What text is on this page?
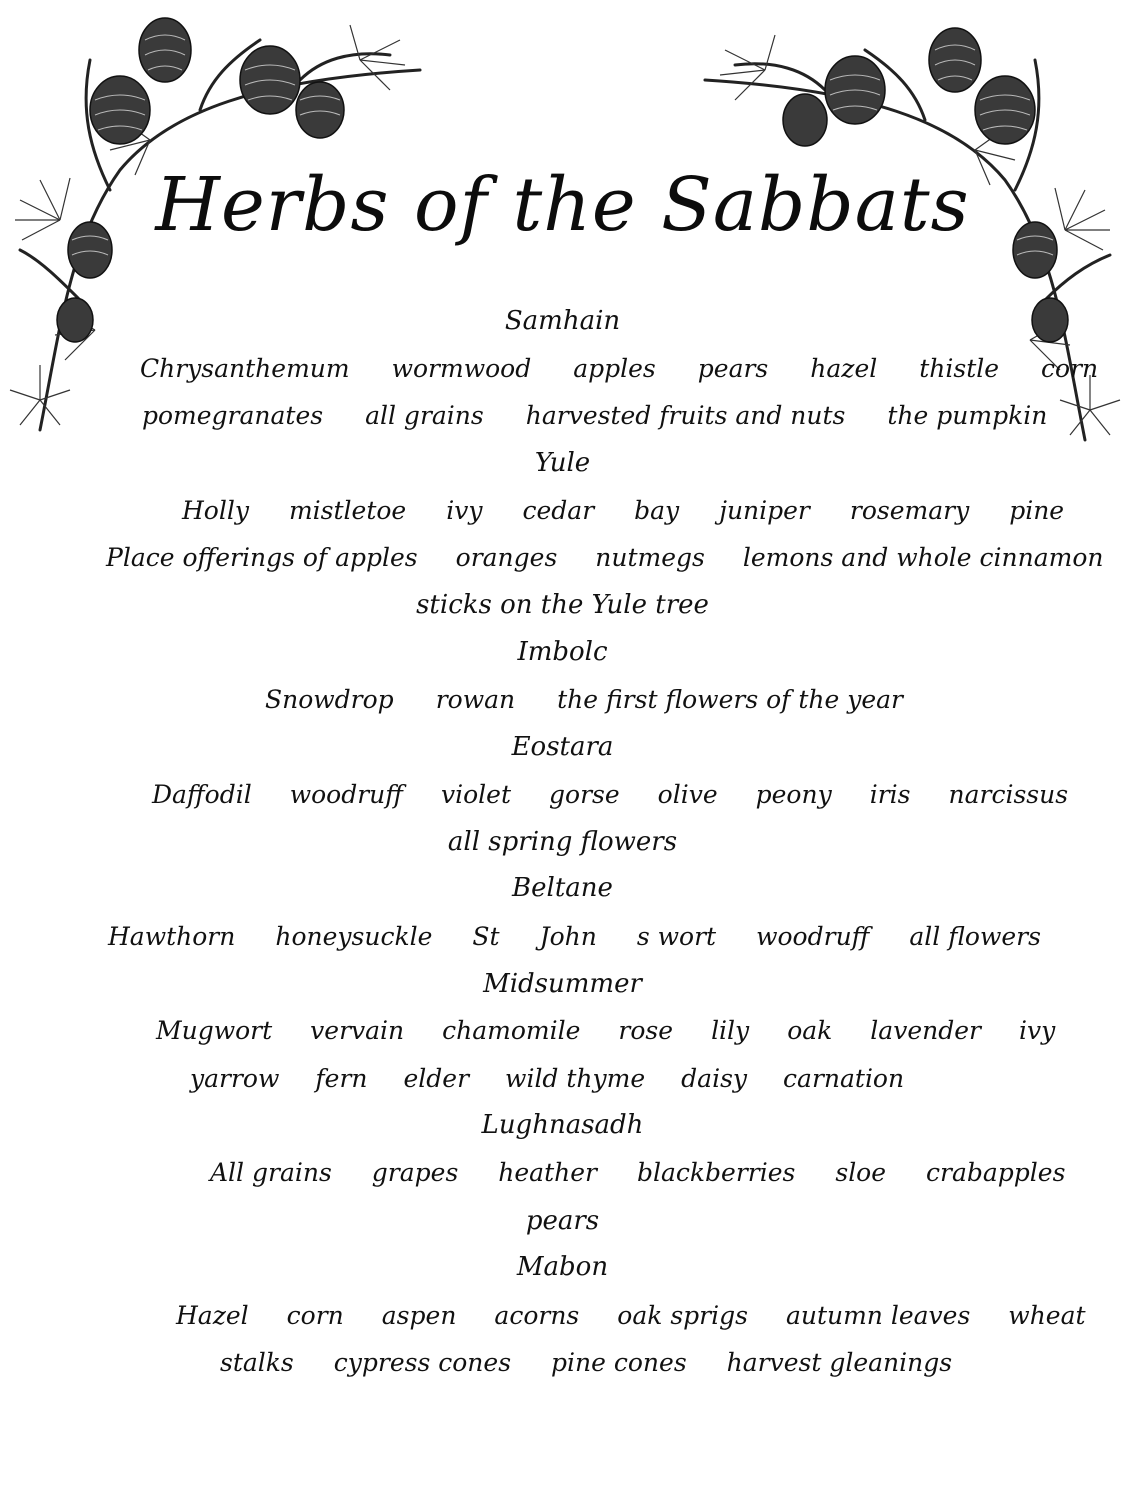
Herbs of the Sabbats
Samhain
Chrysanthemum wormwood apples pears hazel thistle corn
pomegranates all grains harvested fruits and nuts the pumpkin
Yule
Holly mistletoe ivy cedar bay juniper rosemary pine
Place offerings of apples oranges nutmegs lemons and whole cinnamon
sticks on the Yule tree
Imbolc
Snowdrop rowan the first flowers of the year
Eostara
Daffodil woodruff violet gorse olive peony iris narcissus
all spring flowers
Beltane
Hawthorn honeysuckle St John s wort woodruff all flowers
Midsummer
Mugwort vervain chamomile rose lily oak lavender ivy
yarrow fern elder wild thyme daisy carnation
Lughnasadh
All grains grapes heather blackberries sloe crabapples
pears
Mabon
Hazel corn aspen acorns oak sprigs autumn leaves wheat
stalks cypress cones pine cones harvest gleanings
